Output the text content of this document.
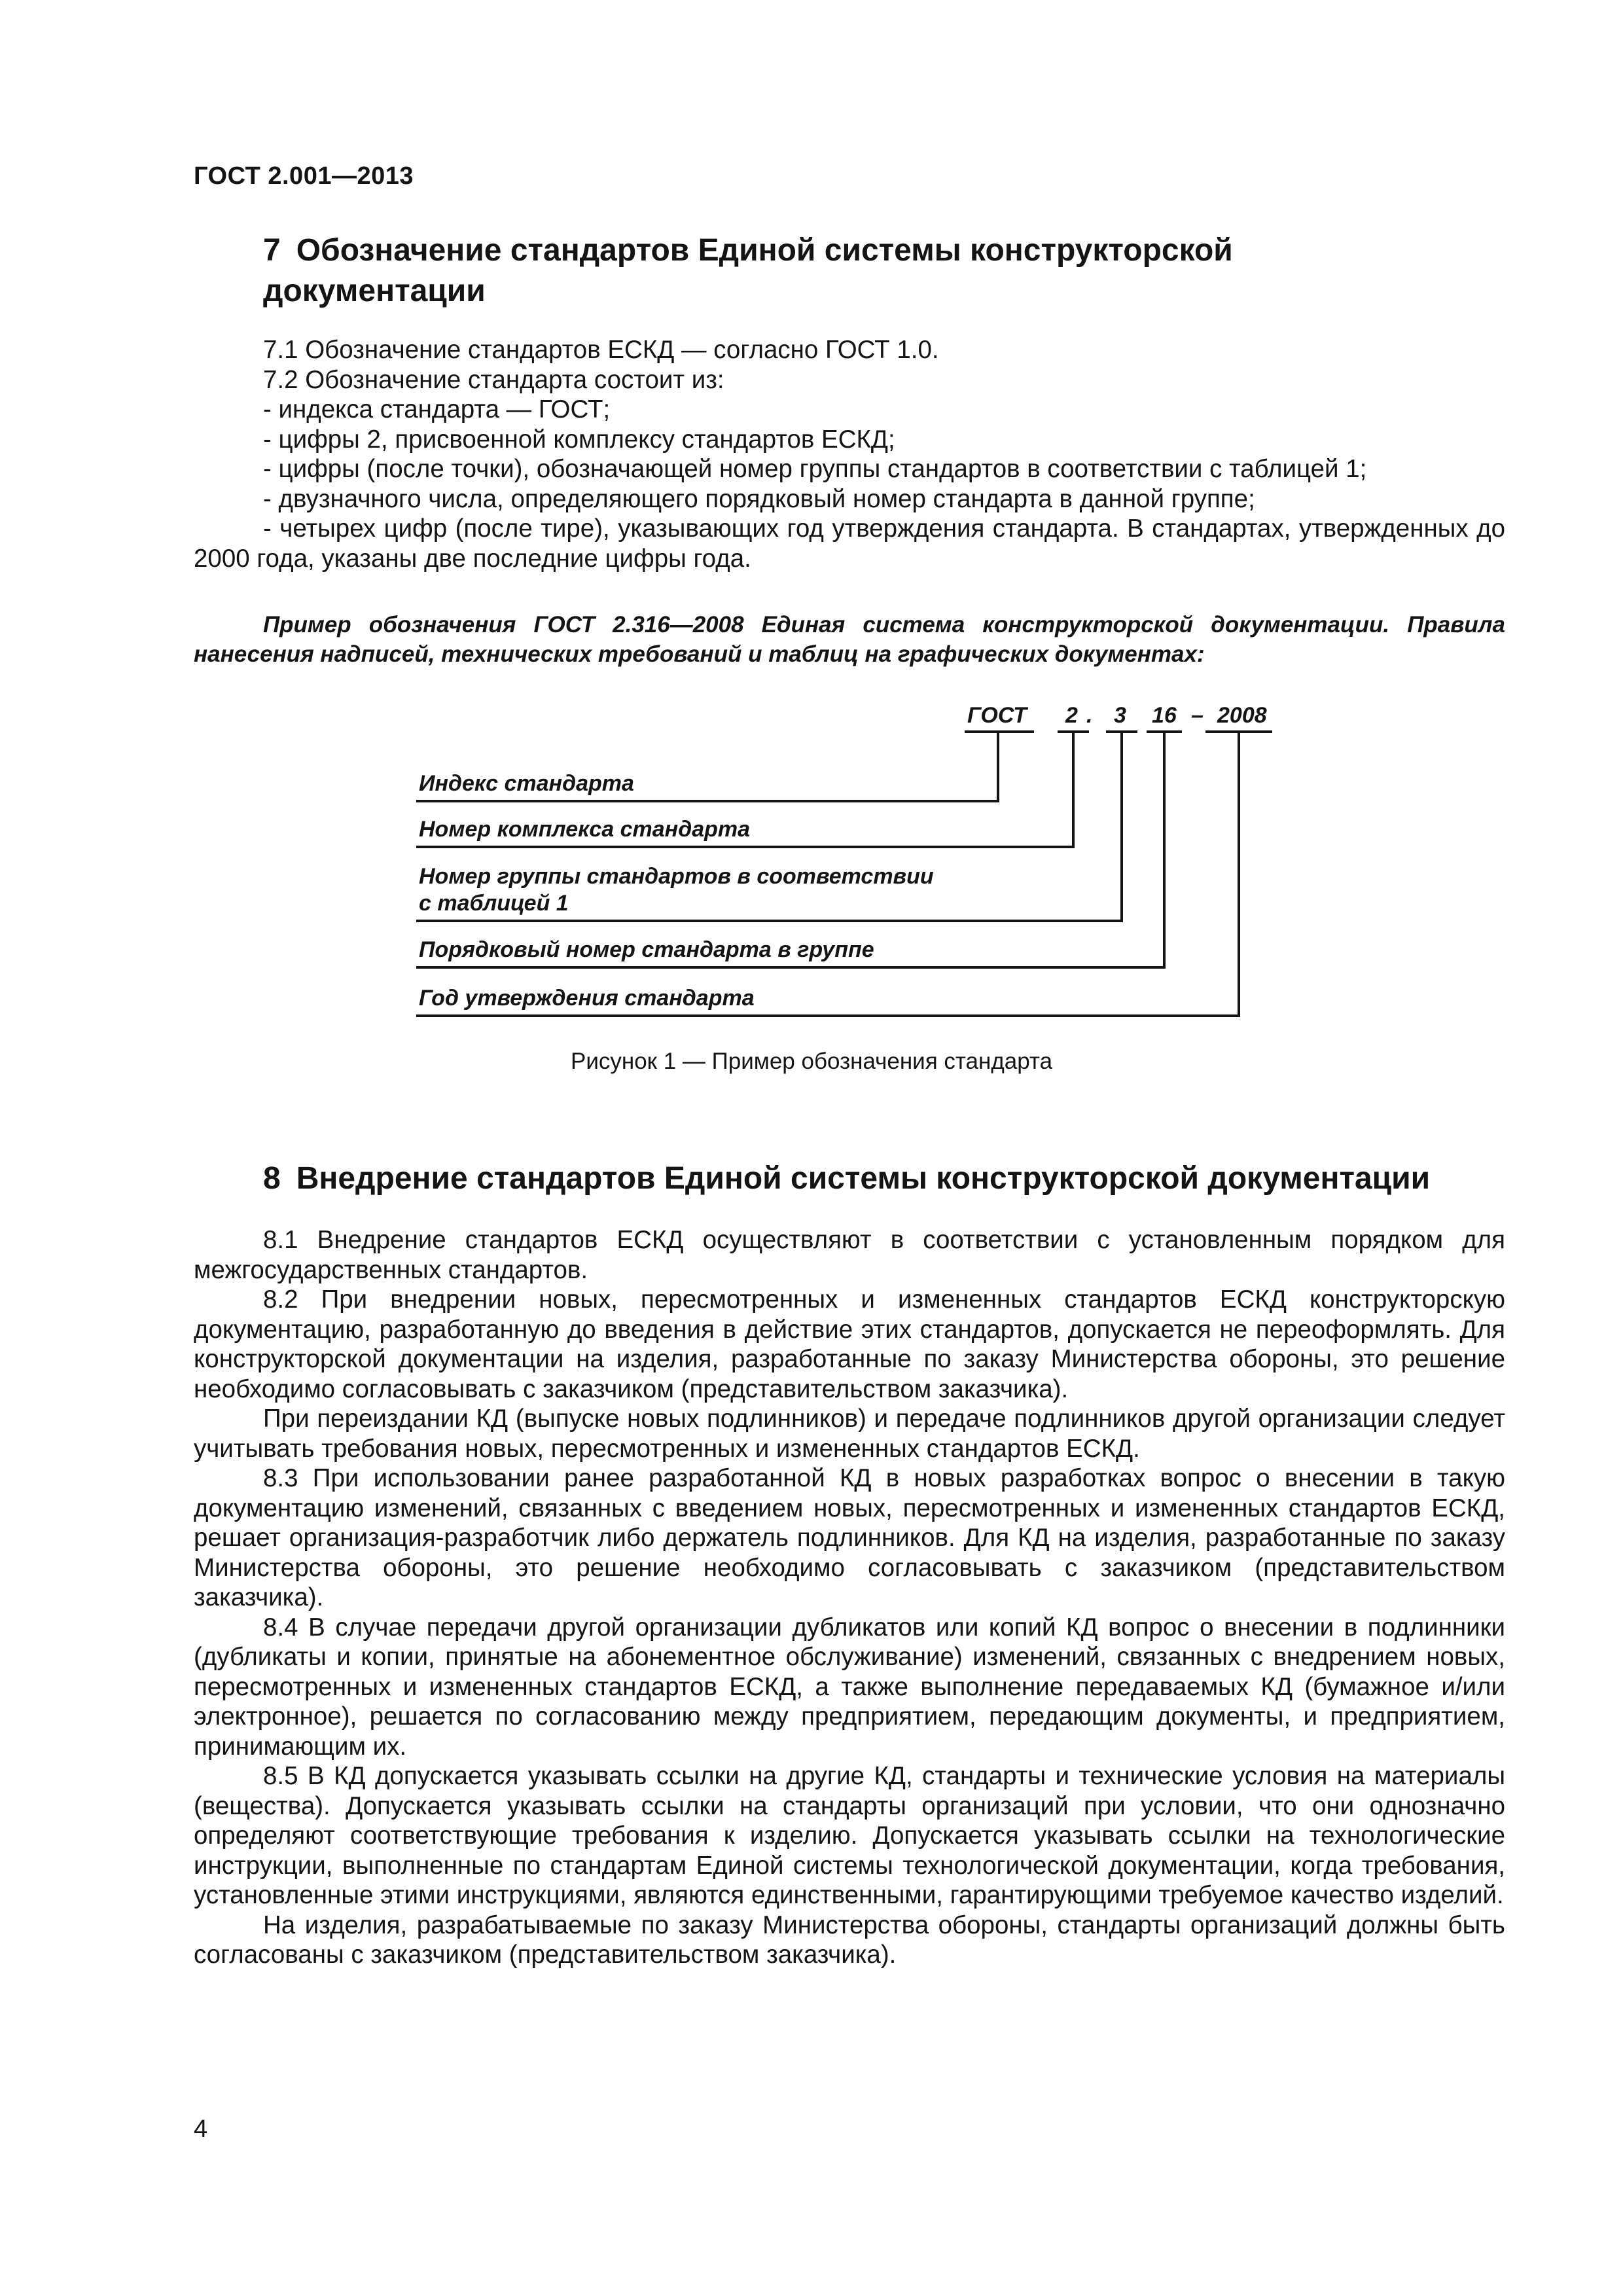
ГОСТ 2.001—2013
7 Обозначение стандартов Единой системы конструкторской
документации

7.1 Обозначение стандартов ЕСКД — согласно ГОСТ 1.0.

7.2 Обозначение стандарта состоит из:

- индекса стандарта — ГОСТ;

- цифры 2, присвоенной комплексу стандартов ЕСКД;

- цифры (после точки), обозначающей номер группы стандартов в соответствии с таблицей 1;

- двузначного числа, определяющего порядковый номер стандарта в данной группе;

- четырех цифр (после тире), указывающих год утверждения стандарта. В стандартах, утвержденных до 2000 года, указаны две последние цифры года.

Пример обозначения ГОСТ 2.316—2008 Единая система конструкторской документации. Правила нанесения надписей, технических требований и таблиц на графических документах:
ГОСТ 2 . 3 16 – 2008
Индекс стандарта
Номер комплекса стандарта
Номер группы стандартов в соответствии
с таблицей 1
Порядковый номер стандарта в группе
Год утверждения стандарта
Рисунок 1 — Пример обозначения стандарта
8 Внедрение стандартов Единой системы конструкторской документации

8.1 Внедрение стандартов ЕСКД осуществляют в соответствии с установленным порядком для межгосударственных стандартов.

8.2 При внедрении новых, пересмотренных и измененных стандартов ЕСКД конструкторскую документацию, разработанную до введения в действие этих стандартов, допускается не переоформлять. Для конструкторской документации на изделия, разработанные по заказу Министерства обороны, это решение необходимо согласовывать с заказчиком (представительством заказчика).

При переиздании КД (выпуске новых подлинников) и передаче подлинников другой организации следует учитывать требования новых, пересмотренных и измененных стандартов ЕСКД.

8.3 При использовании ранее разработанной КД в новых разработках вопрос о внесении в такую документацию изменений, связанных с введением новых, пересмотренных и измененных стандартов ЕСКД, решает организация-разработчик либо держатель подлинников. Для КД на изделия, разработанные по заказу Министерства обороны, это решение необходимо согласовывать с заказчиком (представительством заказчика).

8.4 В случае передачи другой организации дубликатов или копий КД вопрос о внесении в подлинники (дубликаты и копии, принятые на абонементное обслуживание) изменений, связанных с внедрением новых, пересмотренных и измененных стандартов ЕСКД, а также выполнение передаваемых КД (бумажное и/или электронное), решается по согласованию между предприятием, передающим документы, и предприятием, принимающим их.

8.5 В КД допускается указывать ссылки на другие КД, стандарты и технические условия на материалы (вещества). Допускается указывать ссылки на стандарты организаций при условии, что они однозначно определяют соответствующие требования к изделию. Допускается указывать ссылки на технологические инструкции, выполненные по стандартам Единой системы технологической документации, когда требования, установленные этими инструкциями, являются единственными, гарантирующими требуемое качество изделий.

На изделия, разрабатываемые по заказу Министерства обороны, стандарты организаций должны быть согласованы с заказчиком (представительством заказчика).

4
